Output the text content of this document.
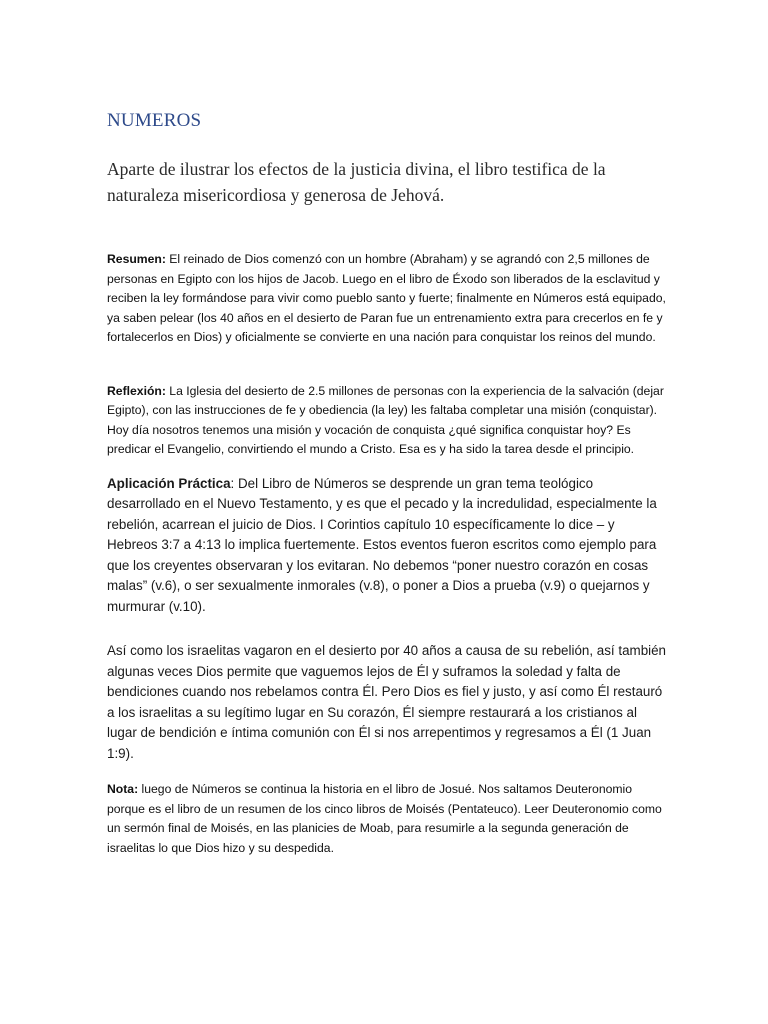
NUMEROS

Aparte de ilustrar los efectos de la justicia divina, el libro testifica de la naturaleza misericordiosa y generosa de Jehová.

Resumen: El reinado de Dios comenzó con un hombre (Abraham) y se agrandó con 2,5 millones de personas en Egipto con los hijos de Jacob. Luego en el libro de Éxodo son liberados de la esclavitud y reciben la ley formándose para vivir como pueblo santo y fuerte; finalmente en Números está equipado, ya saben pelear (los 40 años en el desierto de Paran fue un entrenamiento extra para crecerlos en fe y fortalecerlos en Dios) y oficialmente se convierte en una nación para conquistar los reinos del mundo.

Reflexión: La Iglesia del desierto de 2.5 millones de personas con la experiencia de la salvación (dejar Egipto), con las instrucciones de fe y obediencia (la ley) les faltaba completar una misión (conquistar). Hoy día nosotros tenemos una misión y vocación de conquista ¿qué significa conquistar hoy? Es predicar el Evangelio, convirtiendo el mundo a Cristo. Esa es y ha sido la tarea desde el principio.

Aplicación Práctica: Del Libro de Números se desprende un gran tema teológico desarrollado en el Nuevo Testamento, y es que el pecado y la incredulidad, especialmente la rebelión, acarrean el juicio de Dios. I Corintios capítulo 10 específicamente lo dice – y Hebreos 3:7 a 4:13 lo implica fuertemente. Estos eventos fueron escritos como ejemplo para que los creyentes observaran y los evitaran. No debemos “poner nuestro corazón en cosas malas” (v.6), o ser sexualmente inmorales (v.8), o poner a Dios a prueba (v.9) o quejarnos y murmurar (v.10).

Así como los israelitas vagaron en el desierto por 40 años a causa de su rebelión, así también algunas veces Dios permite que vaguemos lejos de Él y suframos la soledad y falta de bendiciones cuando nos rebelamos contra Él. Pero Dios es fiel y justo, y así como Él restauró a los israelitas a su legítimo lugar en Su corazón, Él siempre restaurará a los cristianos al lugar de bendición e íntima comunión con Él si nos arrepentimos y regresamos a Él (1 Juan 1:9).

Nota: luego de Números se continua la historia en el libro de Josué. Nos saltamos Deuteronomio porque es el libro de un resumen de los cinco libros de Moisés (Pentateuco). Leer Deuteronomio como un sermón final de Moisés, en las planicies de Moab, para resumirle a la segunda generación de israelitas lo que Dios hizo y su despedida.
